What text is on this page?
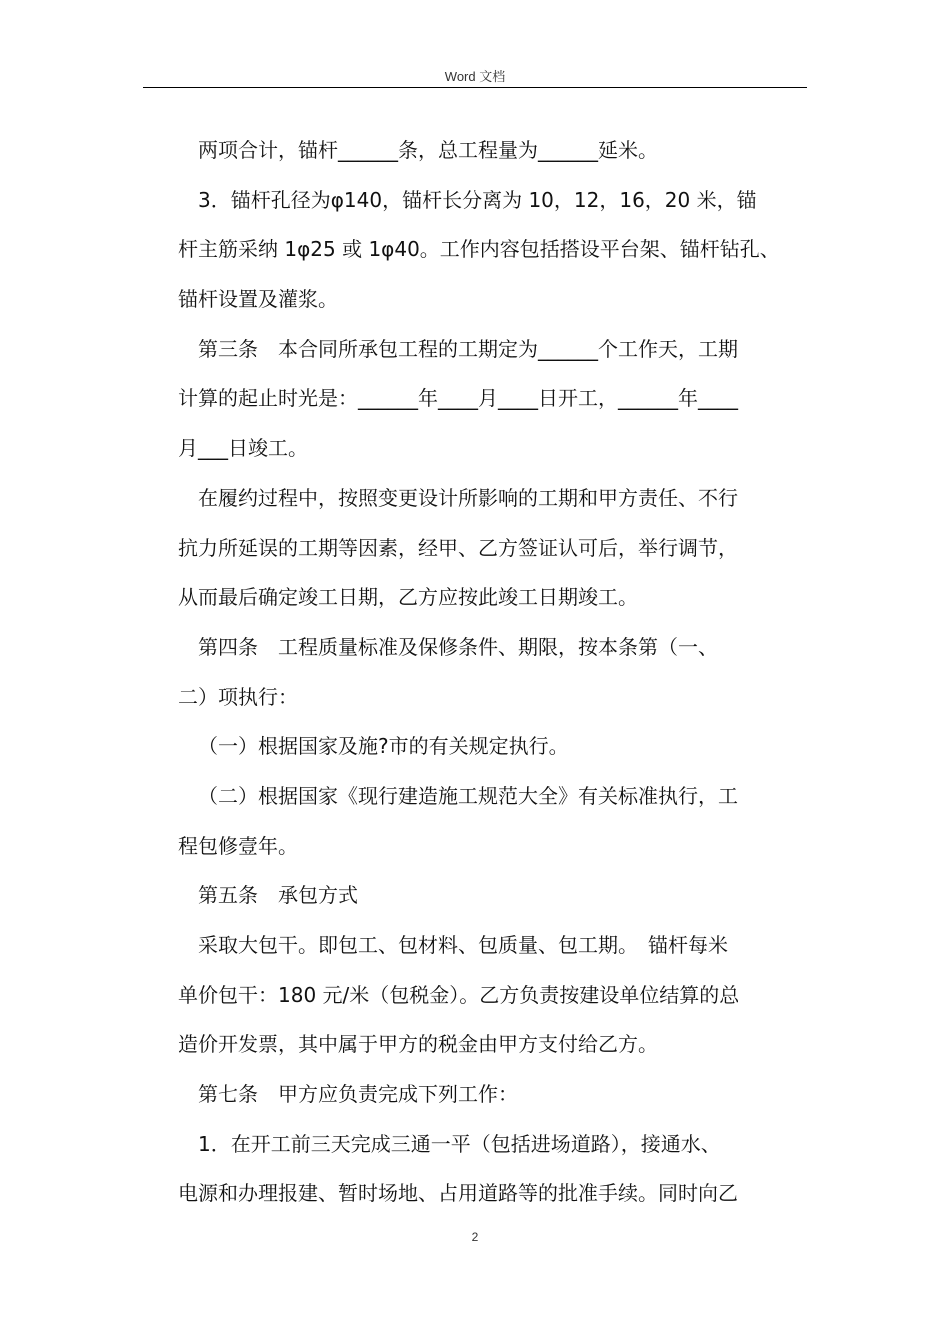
Word 文档
两项合计，锚杆______条，总工程量为______延米。
3．锚杆孔径为φ140，锚杆长分离为 10，12，16，20 米，锚
杆主筋采纳 1φ25 或 1φ40。工作内容包括搭设平台架、锚杆钻孔、
锚杆设置及灌浆。
第三条　本合同所承包工程的工期定为______个工作天，工期
计算的起止时光是：______年____月____日开工，______年____
月___日竣工。
在履约过程中，按照变更设计所影响的工期和甲方责任、不行
抗力所延误的工期等因素，经甲、乙方签证认可后，举行调节，
从而最后确定竣工日期，乙方应按此竣工日期竣工。
第四条　工程质量标准及保修条件、期限，按本条第（一、
二）项执行：
（一）根据国家及施?市的有关规定执行。
（二）根据国家《现行建造施工规范大全》有关标准执行，工
程包修壹年。
第五条　承包方式
采取大包干。即包工、包材料、包质量、包工期。　锚杆每米
单价包干：180 元/米（包税金）。乙方负责按建设单位结算的总
造价开发票，其中属于甲方的税金由甲方支付给乙方。
第七条　甲方应负责完成下列工作：
1．在开工前三天完成三通一平（包括进场道路），接通水、
电源和办理报建、暂时场地、占用道路等的批准手续。同时向乙
2
